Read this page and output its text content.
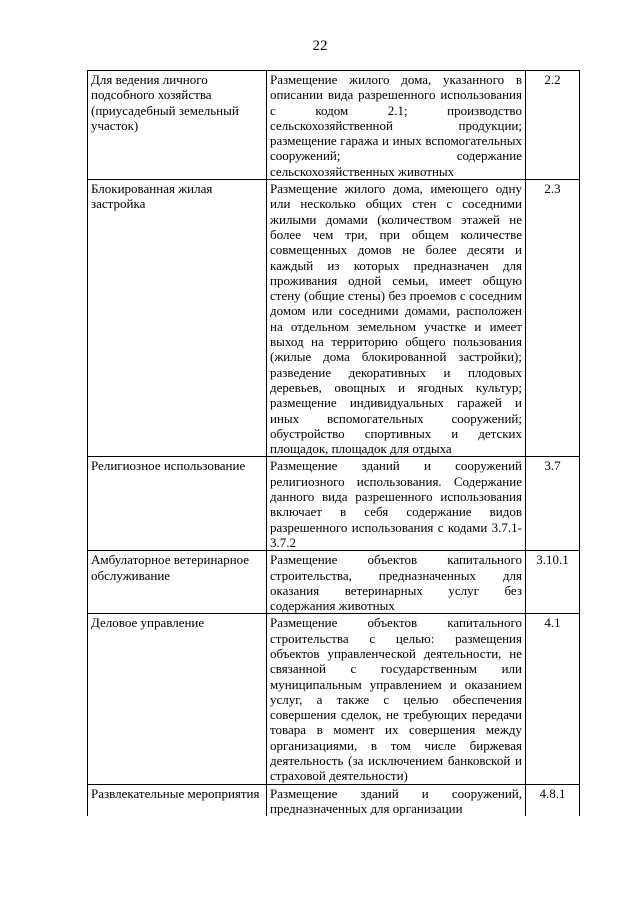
22
Для ведения личного подсобного хозяйства (приусадебный земельный участок)	Размещение жилого дома, указанного в описании вида разрешенного использования с кодом 2.1; производство сельскохозяйственной продукции; размещение гаража и иных вспомогательных сооружений; содержание сельскохозяйственных животных	2.2

Блокированная жилая застройка	Размещение жилого дома, имеющего одну или несколько общих стен с соседними жилыми домами (количеством этажей не более чем три, при общем количестве совмещенных домов не более десяти и каждый из которых предназначен для проживания одной семьи, имеет общую стену (общие стены) без проемов с соседним домом или соседними домами, расположен на отдельном земельном участке и имеет выход на территорию общего пользования (жилые дома блокированной застройки); разведение декоративных и плодовых деревьев, овощных и ягодных культур; размещение индивидуальных гаражей и иных вспомогательных сооружений; обустройство спортивных и детских площадок, площадок для отдыха	2.3

Религиозное использование	Размещение зданий и сооружений религиозного использования. Содержание данного вида разрешенного использования включает в себя содержание видов разрешенного использования с кодами 3.7.1-3.7.2	3.7

Амбулаторное ветеринарное обслуживание	Размещение объектов капитального строительства, предназначенных для оказания ветеринарных услуг без содержания животных	3.10.1

Деловое управление	Размещение объектов капитального строительства с целью: размещения объектов управленческой деятельности, не связанной с государственным или муниципальным управлением и оказанием услуг, а также с целью обеспечения совершения сделок, не требующих передачи товара в момент их совершения между организациями, в том числе биржевая деятельность (за исключением банковской и страховой деятельности)	4.1

Развлекательные мероприятия	Размещение зданий и сооружений, предназначенных для организации	4.8.1
